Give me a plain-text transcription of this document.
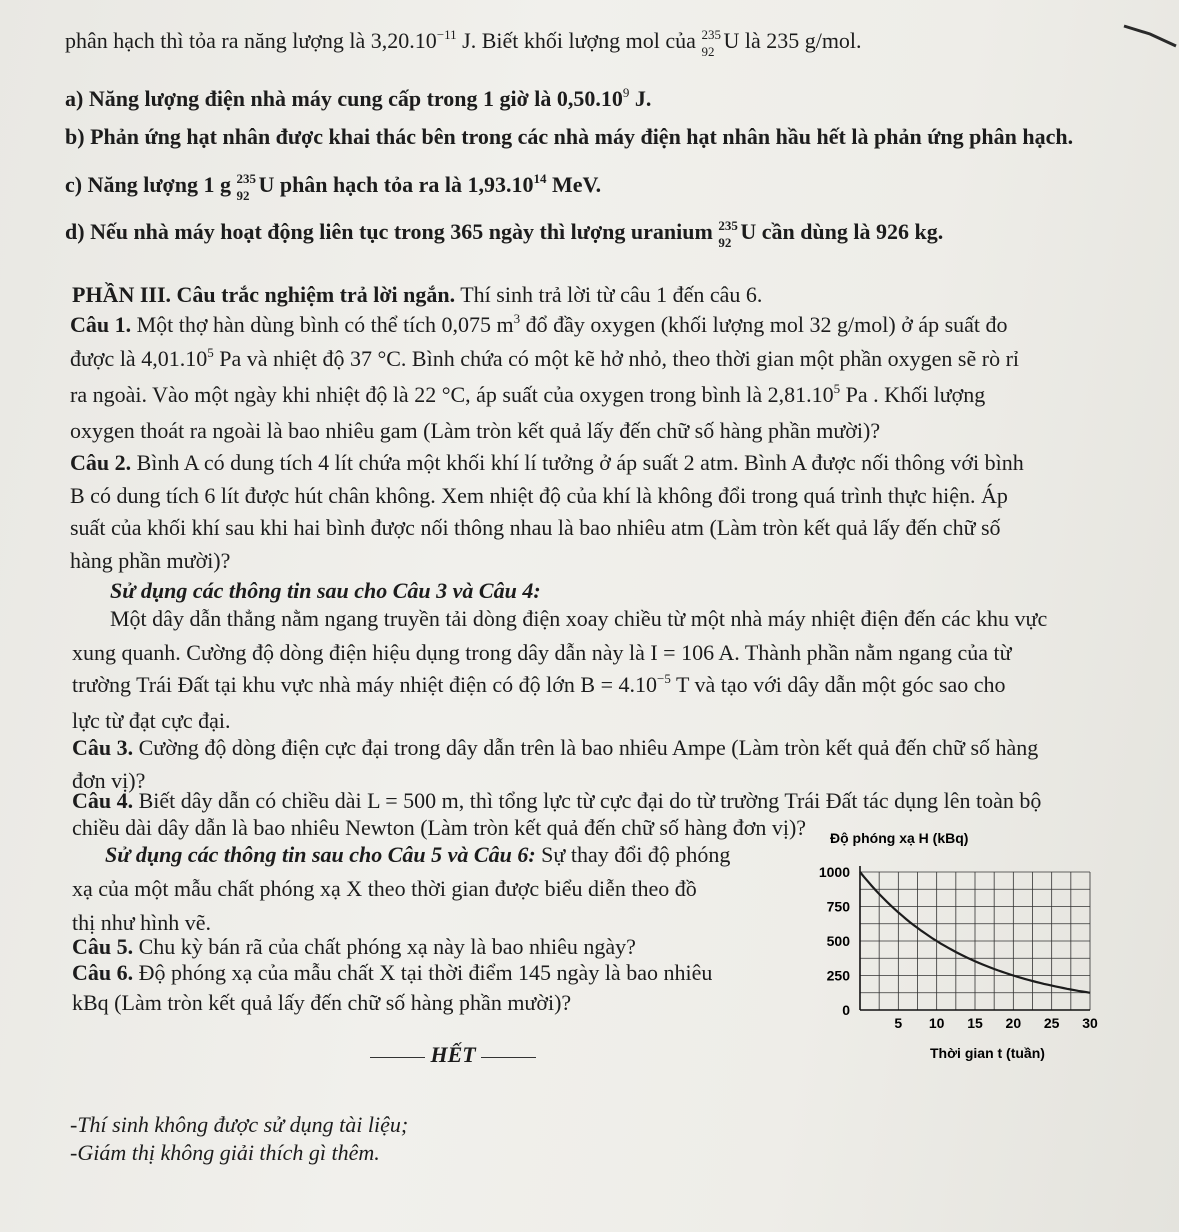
phân hạch thì tỏa ra năng lượng là $3,20.10^{-11}$ J. Biết khối lượng mol của 235
92 U là 235 g/mol.
a) Năng lượng điện nhà máy cung cấp trong 1 giờ là 0,50.10$^9$ J.
b) Phản ứng hạt nhân được khai thác bên trong các nhà máy điện hạt nhân hầu hết là phản ứng phân hạch.
c) Năng lượng 1 g 235
92 U phân hạch tỏa ra là 1,93.10$^{14}$ MeV.
d) Nếu nhà máy hoạt động liên tục trong 365 ngày thì lượng uranium 235
92 U cần dùng là 926 kg.
PHẦN III. Câu trắc nghiệm trả lời ngắn. Thí sinh trả lời từ câu 1 đến câu 6.
Câu 1. Một thợ hàn dùng bình có thể tích 0,075 $m^3$ đổ đầy oxygen (khối lượng mol 32 g/mol) ở áp suất đo
được là 4,01.10$^5$ Pa và nhiệt độ 37 °C. Bình chứa có một kẽ hở nhỏ, theo thời gian một phần oxygen sẽ rò rỉ
ra ngoài. Vào một ngày khi nhiệt độ là 22 °C, áp suất của oxygen trong bình là 2,81.10$^5$ Pa . Khối lượng
oxygen thoát ra ngoài là bao nhiêu gam (Làm tròn kết quả lấy đến chữ số hàng phần mười)?
Câu 2. Bình A có dung tích 4 lít chứa một khối khí lí tưởng ở áp suất 2 atm. Bình A được nối thông với bình
B có dung tích 6 lít được hút chân không. Xem nhiệt độ của khí là không đổi trong quá trình thực hiện. Áp
suất của khối khí sau khi hai bình được nối thông nhau là bao nhiêu atm (Làm tròn kết quả lấy đến chữ số
hàng phần mười)?
Sử dụng các thông tin sau cho Câu 3 và Câu 4:
Một dây dẫn thẳng nằm ngang truyền tải dòng điện xoay chiều từ một nhà máy nhiệt điện đến các khu vực
xung quanh. Cường độ dòng điện hiệu dụng trong dây dẫn này là I = 106 A. Thành phần nằm ngang của từ
trường Trái Đất tại khu vực nhà máy nhiệt điện có độ lớn $B = 4.10^{-5}$ T và tạo với dây dẫn một góc sao cho
lực từ đạt cực đại.
Câu 3. Cường độ dòng điện cực đại trong dây dẫn trên là bao nhiêu Ampe (Làm tròn kết quả đến chữ số hàng
đơn vị)?
Câu 4. Biết dây dẫn có chiều dài L = 500 m, thì tổng lực từ cực đại do từ trường Trái Đất tác dụng lên toàn bộ
chiều dài dây dẫn là bao nhiêu Newton (Làm tròn kết quả đến chữ số hàng đơn vị)?
Sử dụng các thông tin sau cho Câu 5 và Câu 6: Sự thay đổi độ phóng
xạ của một mẫu chất phóng xạ X theo thời gian được biểu diễn theo đồ
thị như hình vẽ.
Câu 5. Chu kỳ bán rã của chất phóng xạ này là bao nhiêu ngày?
Câu 6. Độ phóng xạ của mẫu chất X tại thời điểm 145 ngày là bao nhiêu
kBq (Làm tròn kết quả lấy đến chữ số hàng phần mười)?
HẾT
-Thí sinh không được sử dụng tài liệu;
-Giám thị không giải thích gì thêm.
0
250
500
750
1000
5 10 15 20 25 30
Độ phóng xạ H (kBq)
Thời gian t (tuần)
